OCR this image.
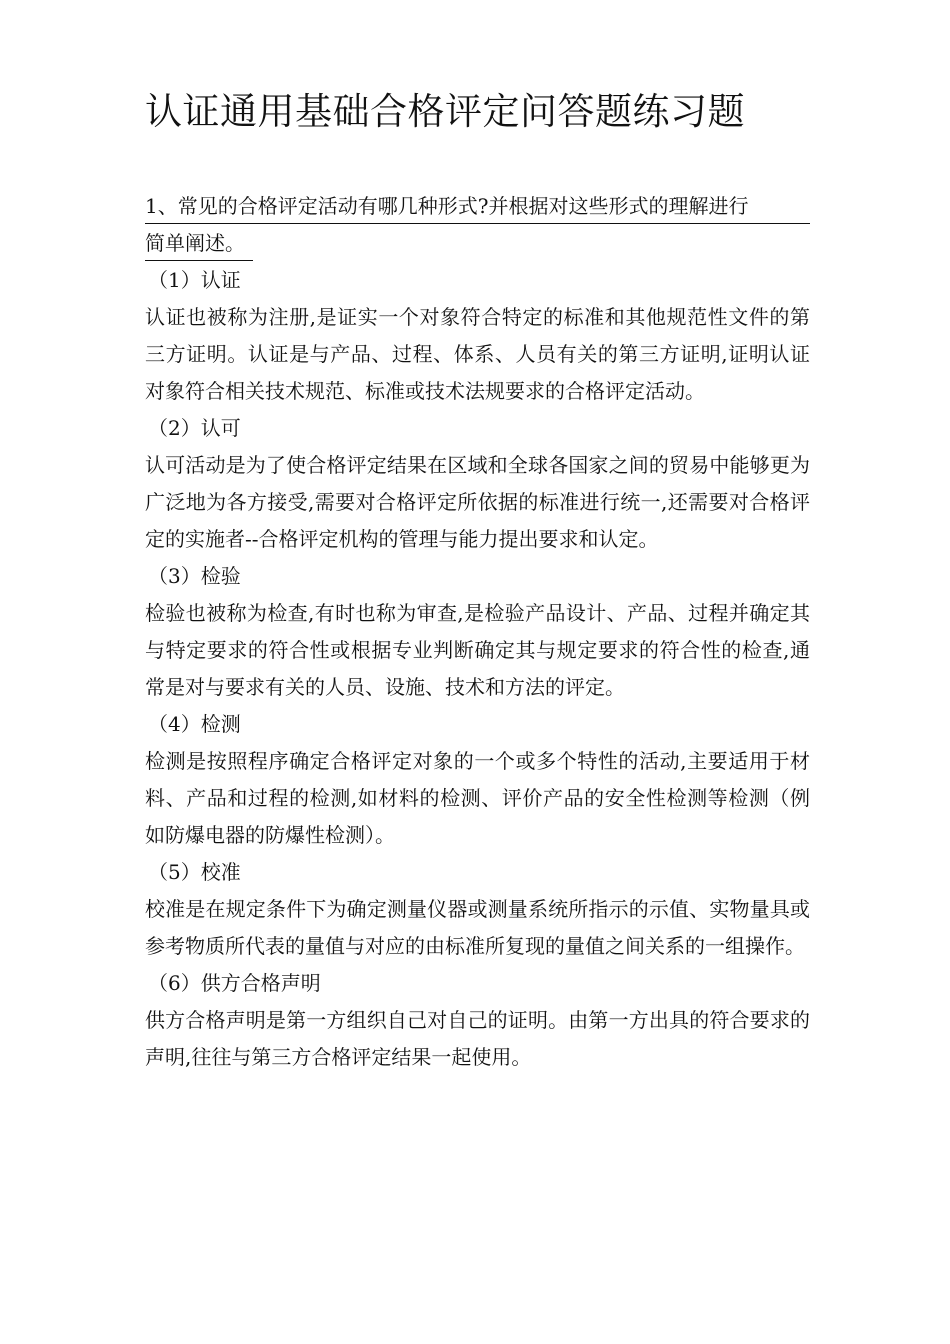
认证通用基础合格评定问答题练习题
1、常见的合格评定活动有哪几种形式?并根据对这些形式的理解进行
简单阐述。

（1）认证

认证也被称为注册,是证实一个对象符合特定的标准和其他规范性文件的第三方证明。认证是与产品、过程、体系、人员有关的第三方证明,证明认证对象符合相关技术规范、标准或技术法规要求的合格评定活动。

（2）认可

认可活动是为了使合格评定结果在区域和全球各国家之间的贸易中能够更为广泛地为各方接受,需要对合格评定所依据的标准进行统一,还需要对合格评定的实施者--合格评定机构的管理与能力提出要求和认定。

（3）检验

检验也被称为检查,有时也称为审查,是检验产品设计、产品、过程并确定其与特定要求的符合性或根据专业判断确定其与规定要求的符合性的检查,通常是对与要求有关的人员、设施、技术和方法的评定。

（4）检测

检测是按照程序确定合格评定对象的一个或多个特性的活动,主要适用于材料、产品和过程的检测,如材料的检测、评价产品的安全性检测等检测（例如防爆电器的防爆性检测）。

（5）校准

校准是在规定条件下为确定测量仪器或测量系统所指示的示值、实物量具或参考物质所代表的量值与对应的由标准所复现的量值之间关系的一组操作。

（6）供方合格声明

供方合格声明是第一方组织自己对自己的证明。由第一方出具的符合要求的声明,往往与第三方合格评定结果一起使用。
